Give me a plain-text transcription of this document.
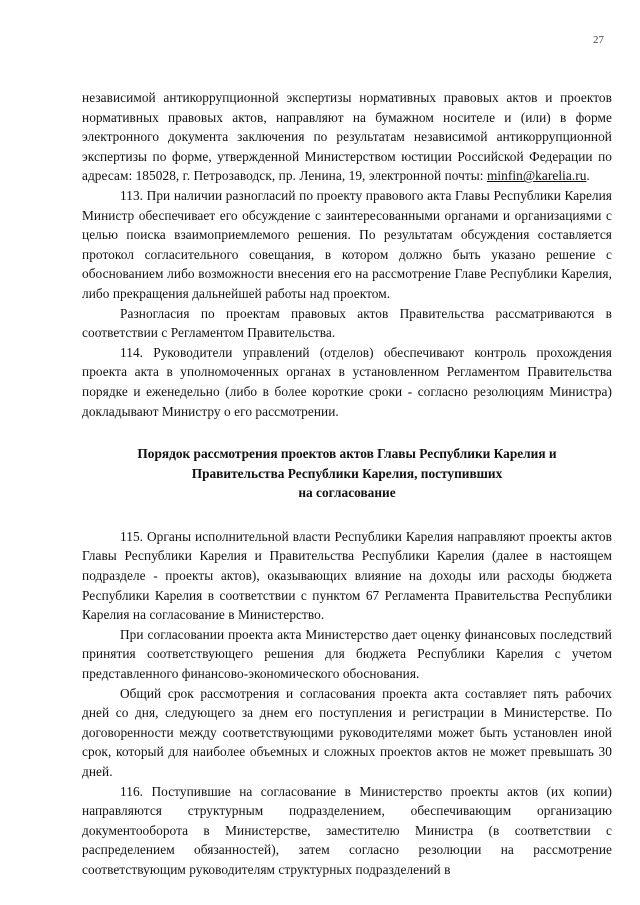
27

независимой антикоррупционной экспертизы нормативных правовых актов и проектов нормативных правовых актов, направляют на бумажном носителе и (или) в форме электронного документа заключения по результатам независимой антикоррупционной экспертизы по форме, утвержденной Министерством юстиции Российской Федерации по адресам: 185028, г. Петрозаводск, пр. Ленина, 19, электронной почты: minfin@karelia.ru.

113. При наличии разногласий по проекту правового акта Главы Республики Карелия Министр обеспечивает его обсуждение с заинтересованными органами и организациями с целью поиска взаимоприемлемого решения. По результатам обсуждения составляется протокол согласительного совещания, в котором должно быть указано решение с обоснованием либо возможности внесения его на рассмотрение Главе Республики Карелия, либо прекращения дальнейшей работы над проектом.

Разногласия по проектам правовых актов Правительства рассматриваются в соответствии с Регламентом Правительства.

114. Руководители управлений (отделов) обеспечивают контроль прохождения проекта акта в уполномоченных органах в установленном Регламентом Правительства порядке и еженедельно (либо в более короткие сроки - согласно резолюциям Министра) докладывают Министру о его рассмотрении.

Порядок рассмотрения проектов актов Главы Республики Карелия и
Правительства Республики Карелия, поступивших
на согласование

115. Органы исполнительной власти Республики Карелия направляют проекты актов Главы Республики Карелия и Правительства Республики Карелия (далее в настоящем подразделе - проекты актов), оказывающих влияние на доходы или расходы бюджета Республики Карелия в соответствии с пунктом 67 Регламента Правительства Республики Карелия на согласование в Министерство.

При согласовании проекта акта Министерство дает оценку финансовых последствий принятия соответствующего решения для бюджета Республики Карелия с учетом представленного финансово-экономического обоснования.

Общий срок рассмотрения и согласования проекта акта составляет пять рабочих дней со дня, следующего за днем его поступления и регистрации в Министерстве. По договоренности между соответствующими руководителями может быть установлен иной срок, который для наиболее объемных и сложных проектов актов не может превышать 30 дней.

116. Поступившие на согласование в Министерство проекты актов (их копии) направляются структурным подразделением, обеспечивающим организацию документооборота в Министерстве, заместителю Министра (в соответствии с распределением обязанностей), затем согласно резолюции на рассмотрение соответствующим руководителям структурных подразделений в
